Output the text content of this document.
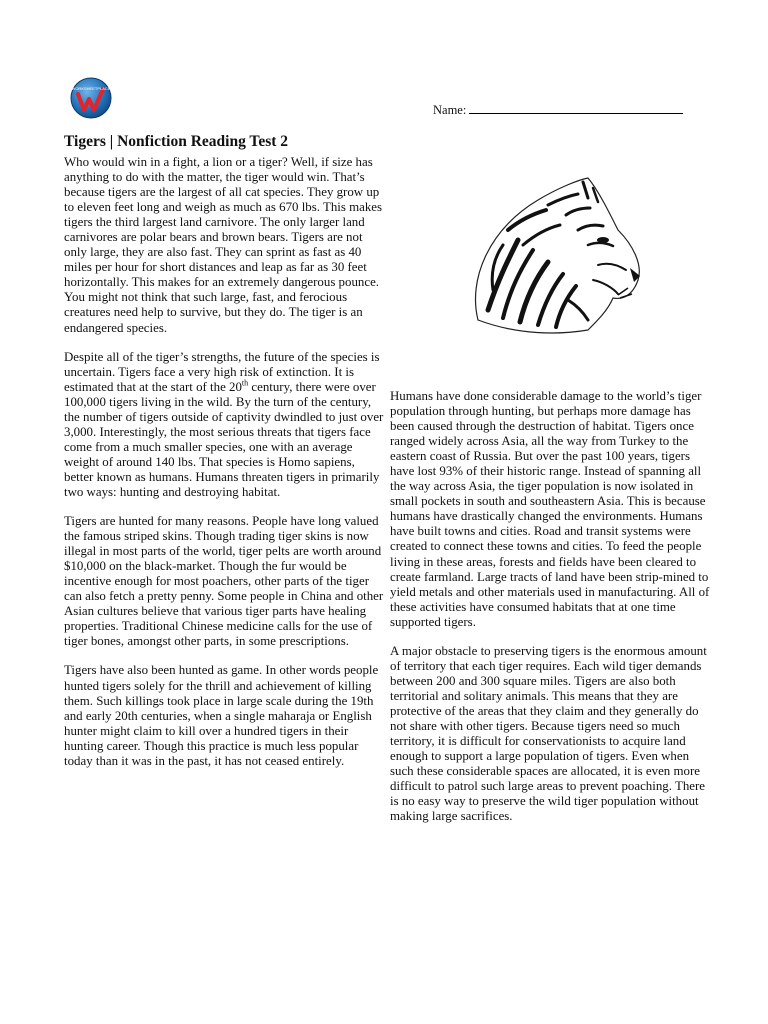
WORKSHEETPLACE
Name:
Tigers | Nonfiction Reading Test 2

Who would win in a fight, a lion or a tiger? Well, if size has anything to do with the matter, the tiger would win. That’s because tigers are the largest of all cat species. They grow up to eleven feet long and weigh as much as 670 lbs. This makes tigers the third largest land carnivore. The only larger land carnivores are polar bears and brown bears. Tigers are not only large, they are also fast. They can sprint as fast as 40 miles per hour for short distances and leap as far as 30 feet horizontally. This makes for an extremely dangerous pounce. You might not think that such large, fast, and ferocious creatures need help to survive, but they do. The tiger is an endangered species.

Despite all of the tiger’s strengths, the future of the species is uncertain. Tigers face a very high risk of extinction. It is estimated that at the start of the 20th century, there were over 100,000 tigers living in the wild. By the turn of the century, the number of tigers outside of captivity dwindled to just over 3,000. Interestingly, the most serious threats that tigers face come from a much smaller species, one with an average weight of around 140 lbs. That species is Homo sapiens, better known as humans. Humans threaten tigers in primarily two ways: hunting and destroying habitat.

Tigers are hunted for many reasons. People have long valued the famous striped skins. Though trading tiger skins is now illegal in most parts of the world, tiger pelts are worth around $10,000 on the black-market. Though the fur would be incentive enough for most poachers, other parts of the tiger can also fetch a pretty penny. Some people in China and other Asian cultures believe that various tiger parts have healing properties. Traditional Chinese medicine calls for the use of tiger bones, amongst other parts, in some prescriptions.

Tigers have also been hunted as game. In other words people hunted tigers solely for the thrill and achievement of killing them. Such killings took place in large scale during the 19th and early 20th centuries, when a single maharaja or English hunter might claim to kill over a hundred tigers in their hunting career. Though this practice is much less popular today than it was in the past, it has not ceased entirely.

Humans have done considerable damage to the world’s tiger population through hunting, but perhaps more damage has been caused through the destruction of habitat. Tigers once ranged widely across Asia, all the way from Turkey to the eastern coast of Russia. But over the past 100 years, tigers have lost 93% of their historic range. Instead of spanning all the way across Asia, the tiger population is now isolated in small pockets in south and southeastern Asia. This is because humans have drastically changed the environments. Humans have built towns and cities. Road and transit systems were created to connect these towns and cities. To feed the people living in these areas, forests and fields have been cleared to create farmland. Large tracts of land have been strip-mined to yield metals and other materials used in manufacturing. All of these activities have consumed habitats that at one time supported tigers.

A major obstacle to preserving tigers is the enormous amount of territory that each tiger requires. Each wild tiger demands between 200 and 300 square miles. Tigers are also both territorial and solitary animals. This means that they are protective of the areas that they claim and they generally do not share with other tigers. Because tigers need so much territory, it is difficult for conservationists to acquire land enough to support a large population of tigers. Even when such these considerable spaces are allocated, it is even more difficult to patrol such large areas to prevent poaching. There is no easy way to preserve the wild tiger population without making large sacrifices.
